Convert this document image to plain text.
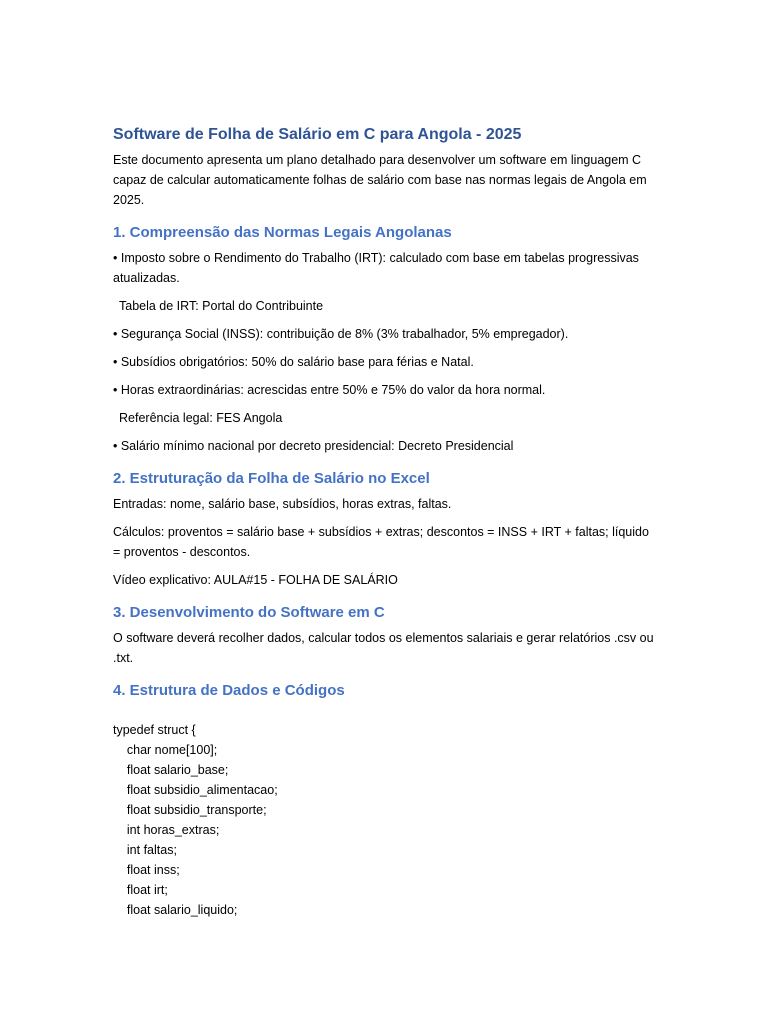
Software de Folha de Salário em C para Angola - 2025

Este documento apresenta um plano detalhado para desenvolver um software em linguagem C capaz de calcular automaticamente folhas de salário com base nas normas legais de Angola em 2025.

1. Compreensão das Normas Legais Angolanas

• Imposto sobre o Rendimento do Trabalho (IRT): calculado com base em tabelas progressivas atualizadas.

Tabela de IRT: Portal do Contribuinte

• Segurança Social (INSS): contribuição de 8% (3% trabalhador, 5% empregador).

• Subsídios obrigatórios: 50% do salário base para férias e Natal.

• Horas extraordinárias: acrescidas entre 50% e 75% do valor da hora normal.

Referência legal: FES Angola

• Salário mínimo nacional por decreto presidencial: Decreto Presidencial

2. Estruturação da Folha de Salário no Excel

Entradas: nome, salário base, subsídios, horas extras, faltas.

Cálculos: proventos = salário base + subsídios + extras; descontos = INSS + IRT + faltas; líquido = proventos - descontos.

Vídeo explicativo: AULA#15 - FOLHA DE SALÁRIO

3. Desenvolvimento do Software em C

O software deverá recolher dados, calcular todos os elementos salariais e gerar relatórios .csv ou .txt.

4. Estrutura de Dados e Códigos
typedef struct {
char nome[100];
float salario_base;
float subsidio_alimentacao;
float subsidio_transporte;
int horas_extras;
int faltas;
float inss;
float irt;
float salario_liquido;
